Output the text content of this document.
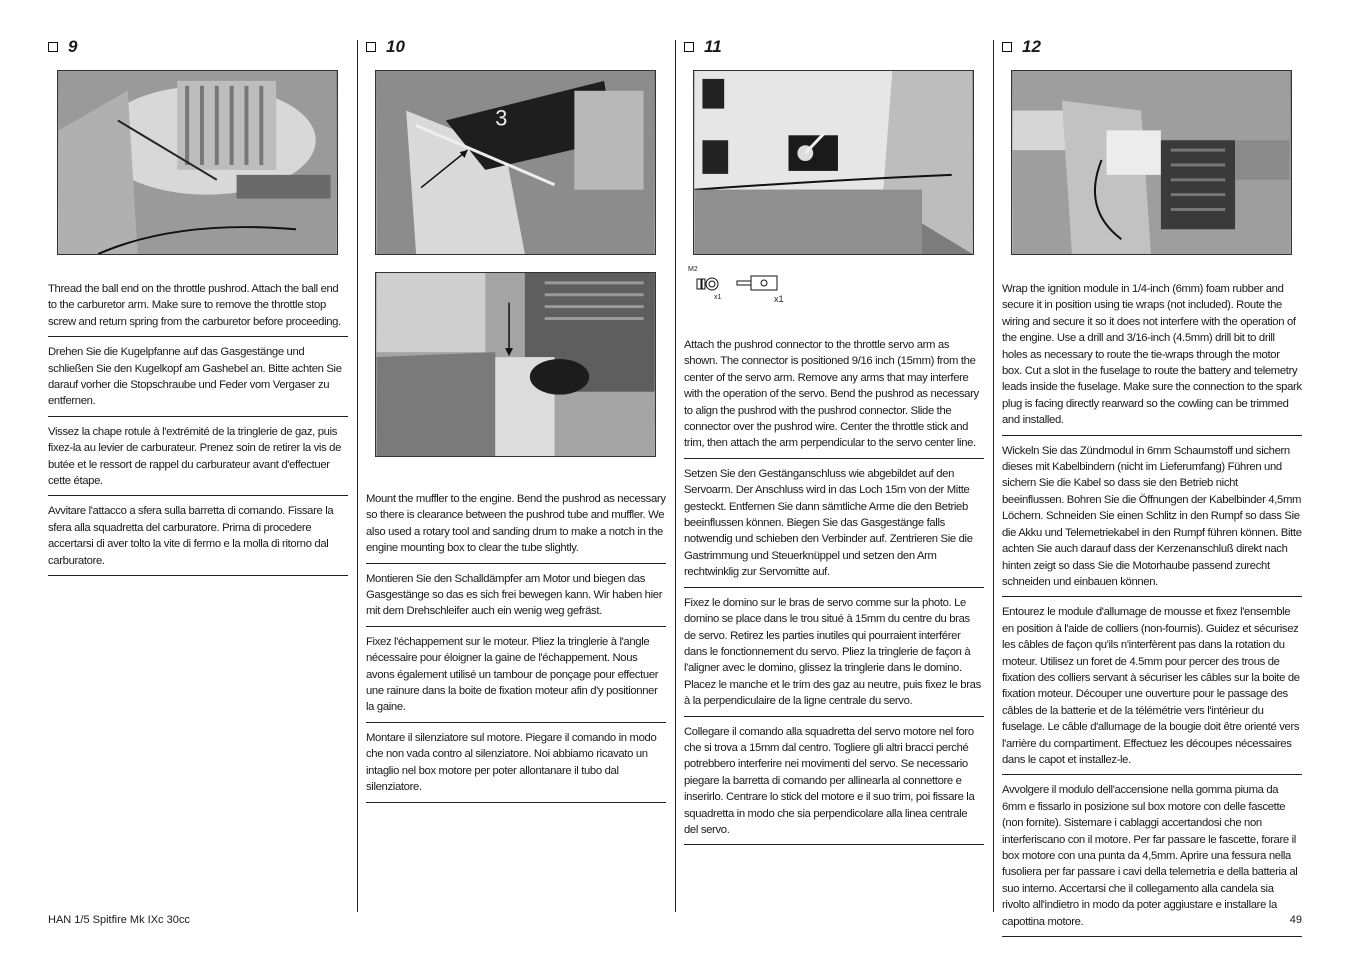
9
Thread the ball end on the throttle pushrod. Attach the ball end to the carburetor arm. Make sure to remove the throttle stop screw and return spring from the carburetor before proceeding.
Drehen Sie die Kugelpfanne auf das Gasgestänge und schließen Sie den Kugelkopf am Gashebel an. Bitte achten Sie darauf vorher die Stopschraube und Feder vom Vergaser zu entfernen.
Vissez la chape rotule à l'extrémité de la tringlerie de gaz, puis fixez-la au levier de carburateur. Prenez soin de retirer la vis de butée et le ressort de rappel du carburateur avant d'effectuer cette étape.
Avvitare l'attacco a sfera sulla barretta di comando. Fissare la sfera alla squadretta del carburatore. Prima di procedere accertarsi di aver tolto la vite di fermo e la molla di ritorno dal carburatore.
10
3
Mount the muffler to the engine. Bend the pushrod as necessary so there is clearance between the pushrod tube and muffler. We also used a rotary tool and sanding drum to make a notch in the engine mounting box to clear the tube slightly.
Montieren Sie den Schalldämpfer am Motor und biegen das Gasgestänge so das es sich frei bewegen kann. Wir haben hier mit dem Drehschleifer auch ein wenig weg gefräst.
Fixez l'échappement sur le moteur. Pliez la tringlerie à l'angle nécessaire pour éloigner la gaine de l'échappement. Nous avons également utilisé un tambour de ponçage pour effectuer une rainure dans la boite de fixation moteur afin d'y positionner la gaine.
Montare il silenziatore sul motore. Piegare il comando in modo che non vada contro al silenziatore. Noi abbiamo ricavato un intaglio nel box motore per poter allontanare il tubo dal silenziatore.
11
M2
x1	x1
Attach the pushrod connector to the throttle servo arm as shown. The connector is positioned 9/16 inch (15mm) from the center of the servo arm. Remove any arms that may interfere with the operation of the servo. Bend the pushrod as necessary to align the pushrod with the pushrod connector. Slide the connector over the pushrod wire. Center the throttle stick and trim, then attach the arm perpendicular to the servo center line.
Setzen Sie den Gestänganschluss wie abgebildet auf den Servoarm. Der Anschluss wird in das Loch 15m von der Mitte gesteckt. Entfernen Sie dann sämtliche Arme die den Betrieb beeinflussen können. Biegen Sie das Gasgestänge falls notwendig und schieben den Verbinder auf. Zentrieren Sie die Gastrimmung und Steuerknüppel und setzen den Arm rechtwinklig zur Servomitte auf.
Fixez le domino sur le bras de servo comme sur la photo. Le domino se place dans le trou situé à 15mm du centre du bras de servo. Retirez les parties inutiles qui pourraient interférer dans le fonctionnement du servo. Pliez la tringlerie de façon à l'aligner avec le domino, glissez la tringlerie dans le domino. Placez le manche et le trim des gaz au neutre, puis fixez le bras à la perpendiculaire de la ligne centrale du servo.
Collegare il comando alla squadretta del servo motore nel foro che si trova a 15mm dal centro. Togliere gli altri bracci perché potrebbero interferire nei movimenti del servo. Se necessario piegare la barretta di comando per allinearla al connettore e inserirlo. Centrare lo stick del motore e il suo trim, poi fissare la squadretta in modo che sia perpendicolare alla linea centrale del servo.
12
Wrap the ignition module in 1/4-inch (6mm) foam rubber and secure it in position using tie wraps (not included). Route the wiring and secure it so it does not interfere with the operation of the engine. Use a drill and 3/16-inch (4.5mm) drill bit to drill holes as necessary to route the tie-wraps through the motor box. Cut a slot in the fuselage to route the battery and telemetry leads inside the fuselage. Make sure the connection to the spark plug is facing directly rearward so the cowling can be trimmed and installed.
Wickeln Sie das Zündmodul in 6mm Schaumstoff und sichern dieses mit Kabelbindern (nicht im Lieferumfang) Führen und sichern Sie die Kabel so dass sie den Betrieb nicht beeinflussen. Bohren Sie die Öffnungen der Kabelbinder 4,5mm Löchern. Schneiden Sie einen Schlitz in den Rumpf so dass Sie die Akku und Telemetriekabel in den Rumpf führen können. Bitte achten Sie auch darauf dass der Kerzenanschluß direkt nach hinten zeigt so dass Sie die Motorhaube passend zurecht schneiden und einbauen können.
Entourez le module d'allumage de mousse et fixez l'ensemble en position à l'aide de colliers (non-fournis). Guidez et sécurisez les câbles de façon qu'ils n'interfèrent pas dans la rotation du moteur. Utilisez un foret de 4.5mm pour percer des trous de fixation des colliers servant à sécuriser les câbles sur la boite de fixation moteur. Découper une ouverture pour le passage des câbles de la batterie et de la télémétrie vers l'intérieur du fuselage. Le câble d'allumage de la bougie doit être orienté vers l'arrière du compartiment. Effectuez les découpes nécessaires dans le capot et installez-le.
Avvolgere il modulo dell'accensione nella gomma piuma da 6mm e fissarlo in posizione sul box motore con delle fascette (non fornite). Sistemare i cablaggi accertandosi che non interferiscano con il motore. Per far passare le fascette, forare il box motore con una punta da 4,5mm. Aprire una fessura nella fusoliera per far passare i cavi della telemetria e della batteria al suo interno. Accertarsi che il collegamento alla candela sia rivolto all'indietro in modo da poter aggiustare e installare la capottina motore.
HAN 1/5 Spitfire Mk IXc 30cc	49
